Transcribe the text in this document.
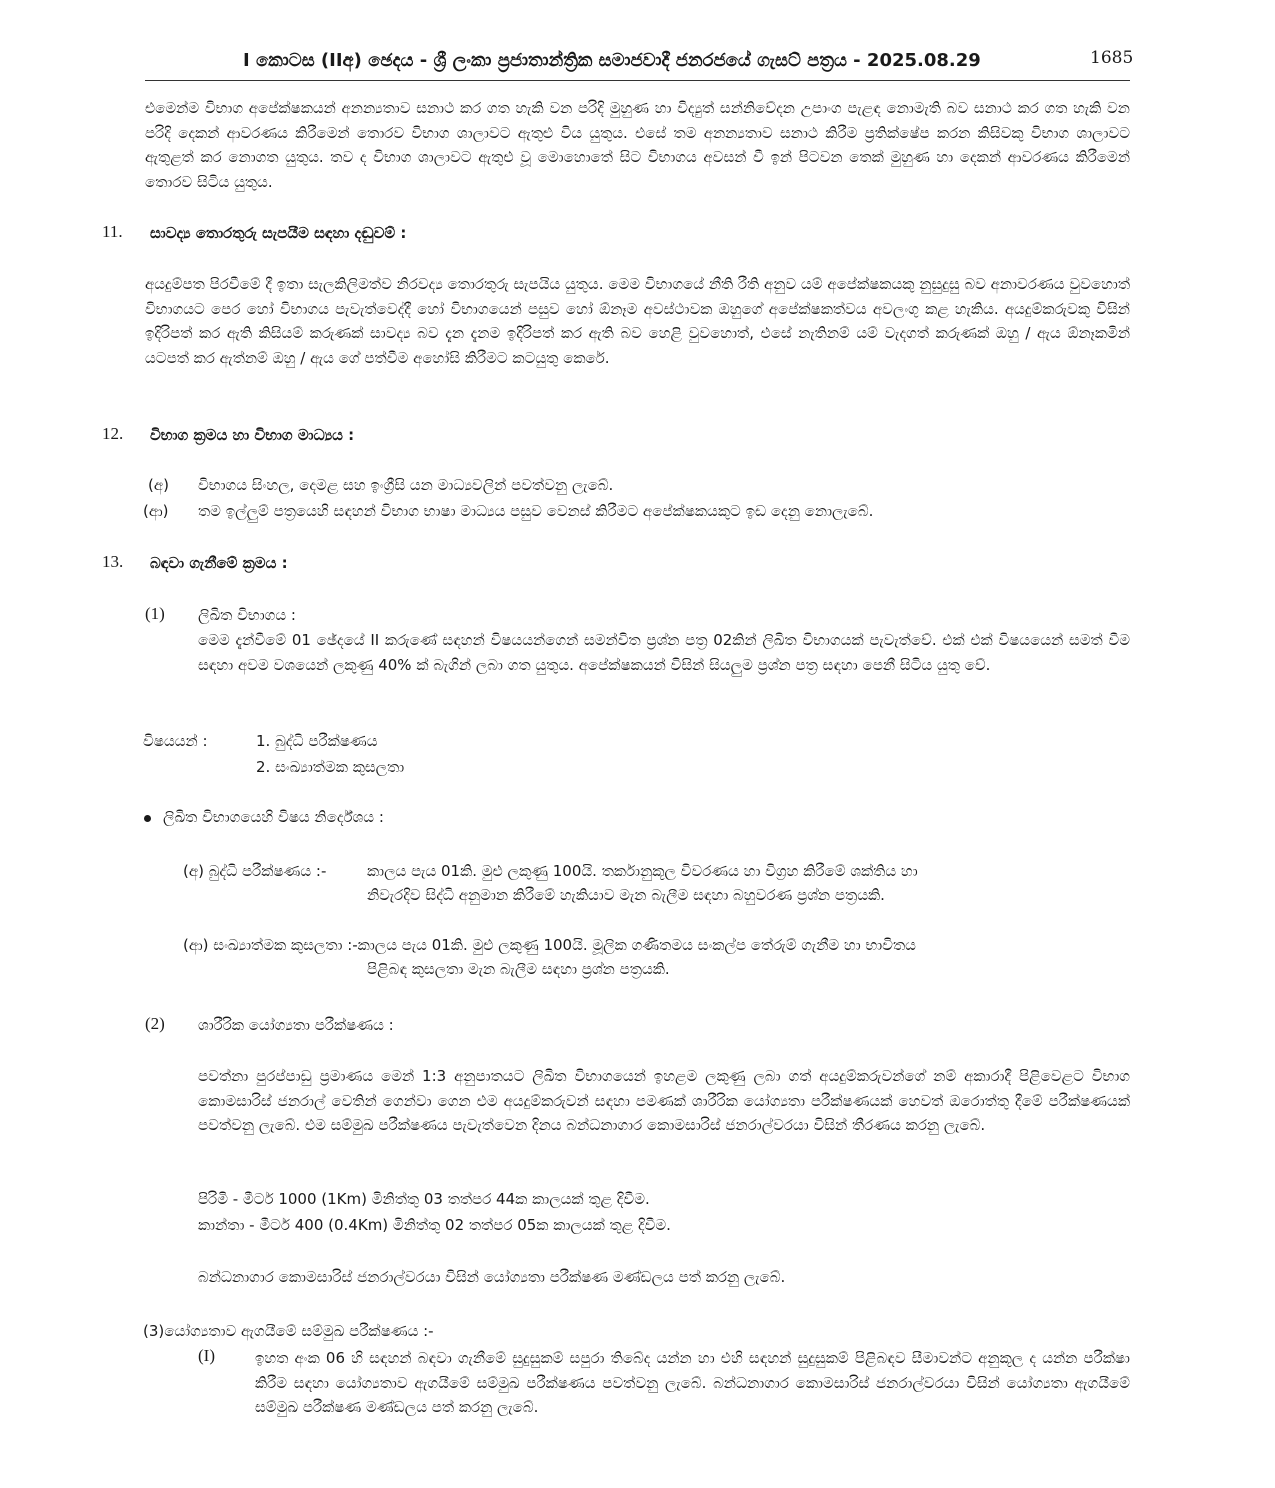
I කොටස (IIඅ) ඡෙදය - ශ්‍රී ලංකා ප්‍රජාතාන්ත්‍රික සමාජවාදී ජනරජයේ ගැසට් පත්‍රය - 2025.08.29	1685
එමෙන්ම විභාග අපේක්ෂකයන් අනන්‍යතාව සනාථ කර ගත හැකි වන පරිදි මුහුණ හා විද්‍යුත් සන්නිවේදන උපාංග පැළඳ නොමැති බව සනාථ කර ගත හැකි වන පරිදි දෙකන් ආවරණය කිරීමෙන් තොරව විභාග ශාලාවට ඇතුළු විය යුතුය. එසේ තම අනන්‍යතාව සනාථ කිරීම ප්‍රතික්ෂේප කරන කිසිවකු විභාග ශාලාවට ඇතුළත් කර නොගත යුතුය. තව ද විභාග ශාලාවට ඇතුළු වූ මොහොතේ සිට විභාගය අවසන් වී ඉන් පිටවන තෙක් මුහුණ හා දෙකන් ආවරණය කිරීමෙන් තොරව සිටිය යුතුය.
11. සාවද්‍ය තොරතුරු සැපයීම සඳහා දඬුවම් :
අයදුම්පත පිරවීමේ දී ඉතා සැලකිලිමත්ව නිරවද්‍ය තොරතුරු සැපයිය යුතුය. මෙම විභාගයේ නීති රීති අනුව යම් අපේක්ෂකයකු නුසුදුසු බව අනාවරණය වුවහොත් විභාගයට පෙර හෝ විභාගය පැවැත්වෙද්දී හෝ විභාගයෙන් පසුව හෝ ඕනෑම අවස්ථාවක ඔහුගේ අපේක්ෂකත්වය අවලංගු කළ හැකිය. අයදුම්කරුවකු විසින් ඉදිරිපත් කර ඇති කිසියම් කරුණක් සාවද්‍ය බව දැන දැනම ඉදිරිපත් කර ඇති බව හෙළි වුවහොත්, එසේ නැතිනම් යම් වැදගත් කරුණක් ඔහු / ඇය ඕනෑකමින් යටපත් කර ඇත්නම් ඔහු / ඇය ගේ පත්වීම අහෝසි කිරීමට කටයුතු කෙරේ.
12. විභාග ක්‍රමය හා විභාග මාධ්‍යය :
(අ) විභාගය සිංහල, දෙමළ සහ ඉංග්‍රීසි යන මාධ්‍යවලින් පවත්වනු ලැබේ.
(ආ) තම ඉල්ලුම් පත්‍රයෙහි සඳහන් විභාග භාෂා මාධ්‍යය පසුව වෙනස් කිරීමට අපේක්ෂකයකුට ඉඩ දෙනු නොලැබේ.
13. බඳවා ගැනීමේ ක්‍රමය :
(1) ලිඛිත විභාගය :
මෙම දැන්වීමේ 01 ඡේදයේ II කරුණේ සඳහන් විෂයයන්ගෙන් සමන්විත ප්‍රශ්න පත්‍ර 02කින් ලිඛිත විභාගයක් පැවැත්වේ. එක් එක් විෂයයෙන් සමත් වීම සඳහා අවම වශයෙන් ලකුණු 40% ක් බැගින් ලබා ගත යුතුය. අපේක්ෂකයන් විසින් සියලුම ප්‍රශ්න පත්‍ර සඳහා පෙනී සිටිය යුතු වේ.
විෂයයන් :	1. බුද්ධි පරීක්ෂණය
2. සංඛ්‍යාත්මක කුසලතා
ලිඛිත විභාගයෙහි විෂය නිර්දේශය :
(අ) බුද්ධි පරීක්ෂණය :-	කාලය පැය 01කි. මුළු ලකුණු 100යි. තර්කානුකූල විවරණය හා විග්‍රහ කිරීමේ ශක්තිය හා
නිවැරදිව සිද්ධි අනුමාන කිරීමේ හැකියාව මැන බැලීම සඳහා බහුවරණ ප්‍රශ්න පත්‍රයකි.
(ආ) සංඛ්‍යාත්මක කුසලතා :-කාලය පැය 01කි. මුළු ලකුණු 100යි. මූලික ගණිතමය සංකල්ප තේරුම් ගැනීම හා භාවිතය
පිළිබඳ කුසලතා මැන බැලීම සඳහා ප්‍රශ්න පත්‍රයකි.
(2) ශාරීරික යෝග්‍යතා පරීක්ෂණය :
පවත්නා පුරප්පාඩු ප්‍රමාණය මෙන් 1:3 අනුපාතයට ලිඛිත විභාගයෙන් ඉහළම ලකුණු ලබා ගත් අයදුම්කරුවන්ගේ නම් අකාරාදී පිළිවෙළට විභාග කොමසාරිස් ජනරාල් වෙතින් ගෙන්වා ගෙන එම අයදුම්කරුවන් සඳහා පමණක් ශාරීරික යෝග්‍යතා පරීක්ෂණයක් හෙවත් ඔරොත්තු දීමේ පරීක්ෂණයක් පවත්වනු ලැබේ. එම සම්මුඛ පරීක්ෂණය පැවැත්වෙන දිනය බන්ධනාගාර කොමසාරිස් ජනරාල්වරයා විසින් තීරණය කරනු ලැබේ.
පිරිමි - මීටර් 1000 (1Km) මිනිත්තු 03 තත්පර 44ක කාලයක් තුළ දිවීම.
කාන්තා - මීටර් 400 (0.4Km) මිනිත්තු 02 තත්පර 05ක කාලයක් තුළ දිවීම.
බන්ධනාගාර කොමසාරිස් ජනරාල්වරයා විසින් යෝග්‍යතා පරීක්ෂණ මණ්ඩලය පත් කරනු ලැබේ.
(3)යෝග්‍යතාව ඇගයීමේ සම්මුඛ පරීක්ෂණය :-
(I)	ඉහත අංක 06 හි සඳහන් බඳවා ගැනීමේ සුදුසුකම් සපුරා තිබේද යන්න හා එහි සඳහන් සුදුසුකම් පිළිබඳව සීමාවන්ට අනුකූල ද යන්න පරීක්ෂා කිරීම සඳහා යෝග්‍යතාව ඇගයීමේ සම්මුඛ පරීක්ෂණය පවත්වනු ලැබේ. බන්ධනාගාර කොමසාරිස් ජනරාල්වරයා විසින් යෝග්‍යතා ඇගයීමේ සම්මුඛ පරීක්ෂණ මණ්ඩලය පත් කරනු ලැබේ.
